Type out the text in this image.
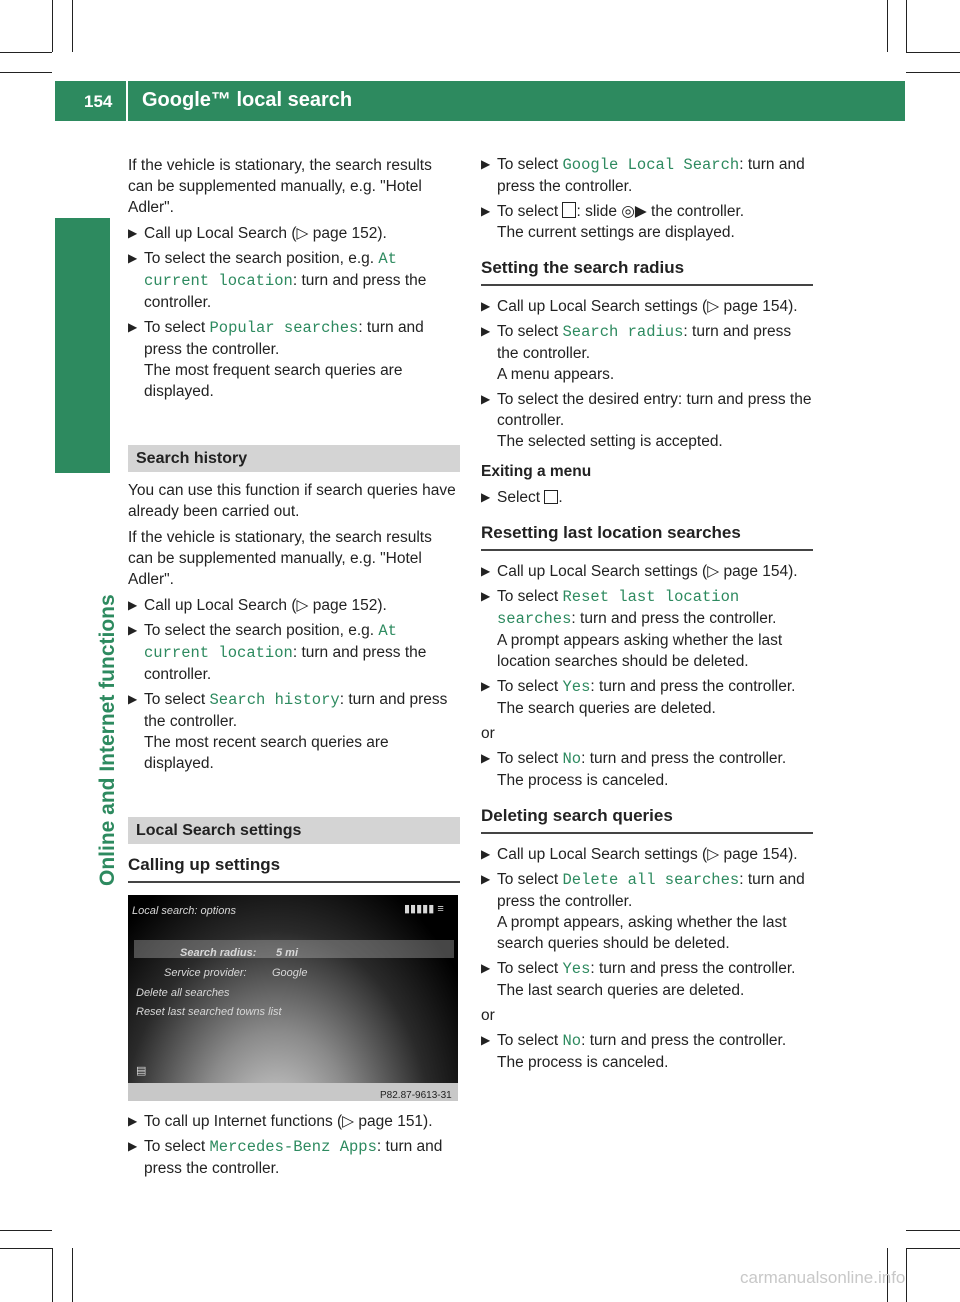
154 Google™ local search
Online and Internet functions

If the vehicle is stationary, the search results can be supplemented manually, e.g. "Hotel Adler".

▶ Call up Local Search (▷ page 152).

▶ To select the search position, e.g. At current location: turn and press the controller.

▶ To select Popular searches: turn and press the controller.
The most frequent search queries are displayed.

Search history

You can use this function if search queries have already been carried out.

If the vehicle is stationary, the search results can be supplemented manually, e.g. "Hotel Adler".

▶ Call up Local Search (▷ page 152).

▶ To select the search position, e.g. At current location: turn and press the controller.

▶ To select Search history: turn and press the controller.
The most recent search queries are displayed.

Local Search settings
Calling up settings
Local search: options	▮▮▮▮▮ ≡
Search radius: 5 mi
Service provider: Google
Delete all searches
Reset last searched towns list
▤
P82.87-9613-31

▶ To call up Internet functions (▷ page 151).

▶ To select Mercedes-Benz Apps: turn and press the controller.

▶ To select Google Local Search: turn and press the controller.

▶ To select : slide ◎▶ the controller.
The current settings are displayed.

Setting the search radius

▶ Call up Local Search settings (▷ page 154).

▶ To select Search radius: turn and press the controller.
A menu appears.

▶ To select the desired entry: turn and press the controller.
The selected setting is accepted.

Exiting a menu

▶ Select .

Resetting last location searches

▶ Call up Local Search settings (▷ page 154).

▶ To select Reset last location searches: turn and press the controller.
A prompt appears asking whether the last location searches should be deleted.

▶ To select Yes: turn and press the controller.
The search queries are deleted.

or

▶ To select No: turn and press the controller.
The process is canceled.

Deleting search queries

▶ Call up Local Search settings (▷ page 154).

▶ To select Delete all searches: turn and press the controller.
A prompt appears, asking whether the last search queries should be deleted.

▶ To select Yes: turn and press the controller.
The last search queries are deleted.

or

▶ To select No: turn and press the controller.
The process is canceled.

carmanualsonline.info
